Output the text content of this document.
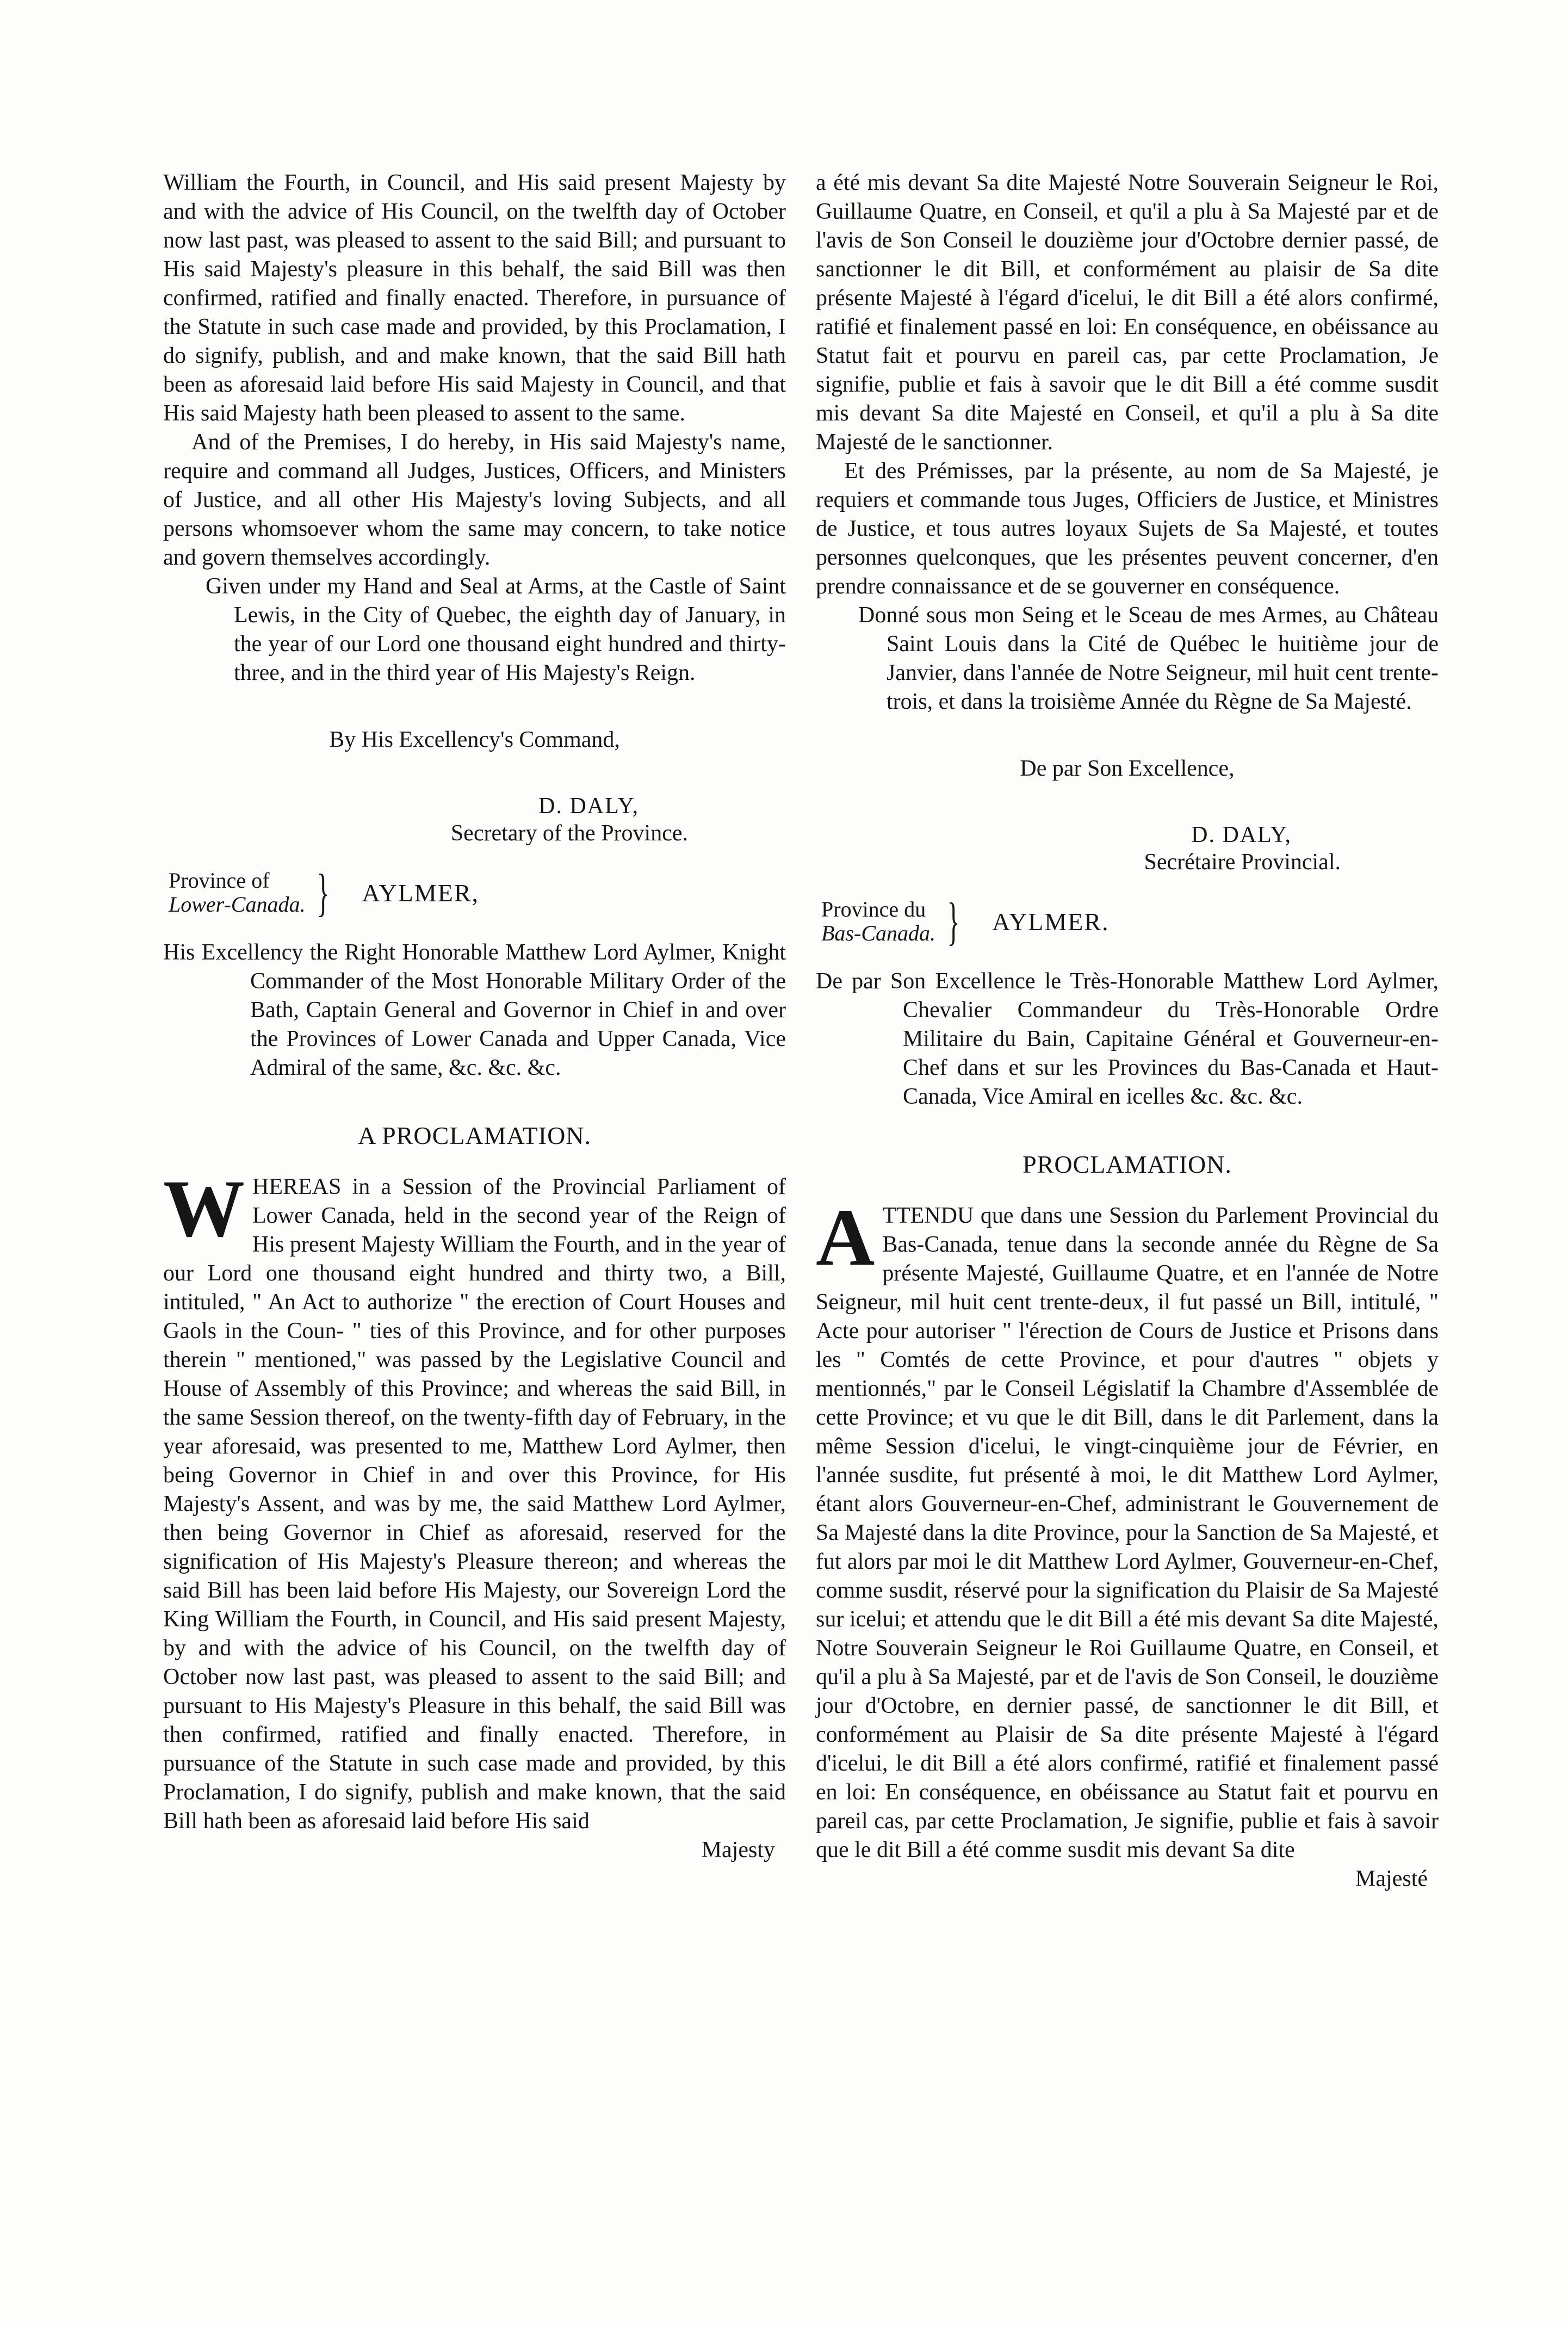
William the Fourth, in Council, and His said present Majesty by and with the advice of His Council, on the twelfth day of October now last past, was pleased to assent to the said Bill; and pursuant to His said Majesty's pleasure in this behalf, the said Bill was then confirmed, ratified and finally enacted. Therefore, in pursuance of the Statute in such case made and provided, by this Proclamation, I do signify, publish, and and make known, that the said Bill hath been as aforesaid laid before His said Majesty in Council, and that His said Majesty hath been pleased to assent to the same.

And of the Premises, I do hereby, in His said Majesty's name, require and command all Judges, Justices, Officers, and Ministers of Justice, and all other His Majesty's loving Subjects, and all persons whomsoever whom the same may concern, to take notice and govern themselves accordingly.

Given under my Hand and Seal at Arms, at the Castle of Saint Lewis, in the City of Quebec, the eighth day of January, in the year of our Lord one thousand eight hundred and thirty-three, and in the third year of His Majesty's Reign.

By His Excellency's Command,

D. DALY,
Secretary of the Province.
Province of
Lower-Canada. } AYLMER,

His Excellency the Right Honorable Matthew Lord Aylmer, Knight Commander of the Most Honorable Military Order of the Bath, Captain General and Governor in Chief in and over the Provinces of Lower Canada and Upper Canada, Vice Admiral of the same, &c. &c. &c.

A PROCLAMATION.
W HEREAS in a Session of the Provincial Parliament of Lower Canada, held in the second year of the Reign of His present Majesty William the Fourth, and in the year of our Lord one thousand eight hundred and thirty two, a Bill, intituled, " An Act to authorize " the erection of Court Houses and Gaols in the Coun- " ties of this Province, and for other purposes therein " mentioned," was passed by the Legislative Council and House of Assembly of this Province; and whereas the said Bill, in the same Session thereof, on the twenty-fifth day of February, in the year aforesaid, was presented to me, Matthew Lord Aylmer, then being Governor in Chief in and over this Province, for His Majesty's Assent, and was by me, the said Matthew Lord Aylmer, then being Governor in Chief as aforesaid, reserved for the signification of His Majesty's Pleasure thereon; and whereas the said Bill has been laid before His Majesty, our Sovereign Lord the King William the Fourth, in Council, and His said present Majesty, by and with the advice of his Council, on the twelfth day of October now last past, was pleased to assent to the said Bill; and pursuant to His Majesty's Pleasure in this behalf, the said Bill was then confirmed, ratified and finally enacted. Therefore, in pursuance of the Statute in such case made and provided, by this Proclamation, I do signify, publish and make known, that the said Bill hath been as aforesaid laid before His said

Majesty

a été mis devant Sa dite Majesté Notre Souverain Seigneur le Roi, Guillaume Quatre, en Conseil, et qu'il a plu à Sa Majesté par et de l'avis de Son Conseil le douzième jour d'Octobre dernier passé, de sanctionner le dit Bill, et conformément au plaisir de Sa dite présente Majesté à l'égard d'icelui, le dit Bill a été alors confirmé, ratifié et finalement passé en loi: En conséquence, en obéissance au Statut fait et pourvu en pareil cas, par cette Proclamation, Je signifie, publie et fais à savoir que le dit Bill a été comme susdit mis devant Sa dite Majesté en Conseil, et qu'il a plu à Sa dite Majesté de le sanctionner.

Et des Prémisses, par la présente, au nom de Sa Majesté, je requiers et commande tous Juges, Officiers de Justice, et Ministres de Justice, et tous autres loyaux Sujets de Sa Majesté, et toutes personnes quelconques, que les présentes peuvent concerner, d'en prendre connaissance et de se gouverner en conséquence.

Donné sous mon Seing et le Sceau de mes Armes, au Château Saint Louis dans la Cité de Québec le huitième jour de Janvier, dans l'année de Notre Seigneur, mil huit cent trente-trois, et dans la troisième Année du Règne de Sa Majesté.

De par Son Excellence,

D. DALY,
Secrétaire Provincial.
Province du
Bas-Canada. } AYLMER.

De par Son Excellence le Très-Honorable Matthew Lord Aylmer, Chevalier Commandeur du Très-Honorable Ordre Militaire du Bain, Capitaine Général et Gouverneur-en-Chef dans et sur les Provinces du Bas-Canada et Haut-Canada, Vice Amiral en icelles &c. &c. &c.

PROCLAMATION.
A TTENDU que dans une Session du Parlement Provincial du Bas-Canada, tenue dans la seconde année du Règne de Sa présente Majesté, Guillaume Quatre, et en l'année de Notre Seigneur, mil huit cent trente-deux, il fut passé un Bill, intitulé, " Acte pour autoriser " l'érection de Cours de Justice et Prisons dans les " Comtés de cette Province, et pour d'autres " objets y mentionnés," par le Conseil Législatif la Chambre d'Assemblée de cette Province; et vu que le dit Bill, dans le dit Parlement, dans la même Session d'icelui, le vingt-cinquième jour de Février, en l'année susdite, fut présenté à moi, le dit Matthew Lord Aylmer, étant alors Gouverneur-en-Chef, administrant le Gouvernement de Sa Majesté dans la dite Province, pour la Sanction de Sa Majesté, et fut alors par moi le dit Matthew Lord Aylmer, Gouverneur-en-Chef, comme susdit, réservé pour la signification du Plaisir de Sa Majesté sur icelui; et attendu que le dit Bill a été mis devant Sa dite Majesté, Notre Souverain Seigneur le Roi Guillaume Quatre, en Conseil, et qu'il a plu à Sa Majesté, par et de l'avis de Son Conseil, le douzième jour d'Octobre, en dernier passé, de sanctionner le dit Bill, et conformément au Plaisir de Sa dite présente Majesté à l'égard d'icelui, le dit Bill a été alors confirmé, ratifié et finalement passé en loi: En conséquence, en obéissance au Statut fait et pourvu en pareil cas, par cette Proclamation, Je signifie, publie et fais à savoir que le dit Bill a été comme susdit mis devant Sa dite

Majesté
